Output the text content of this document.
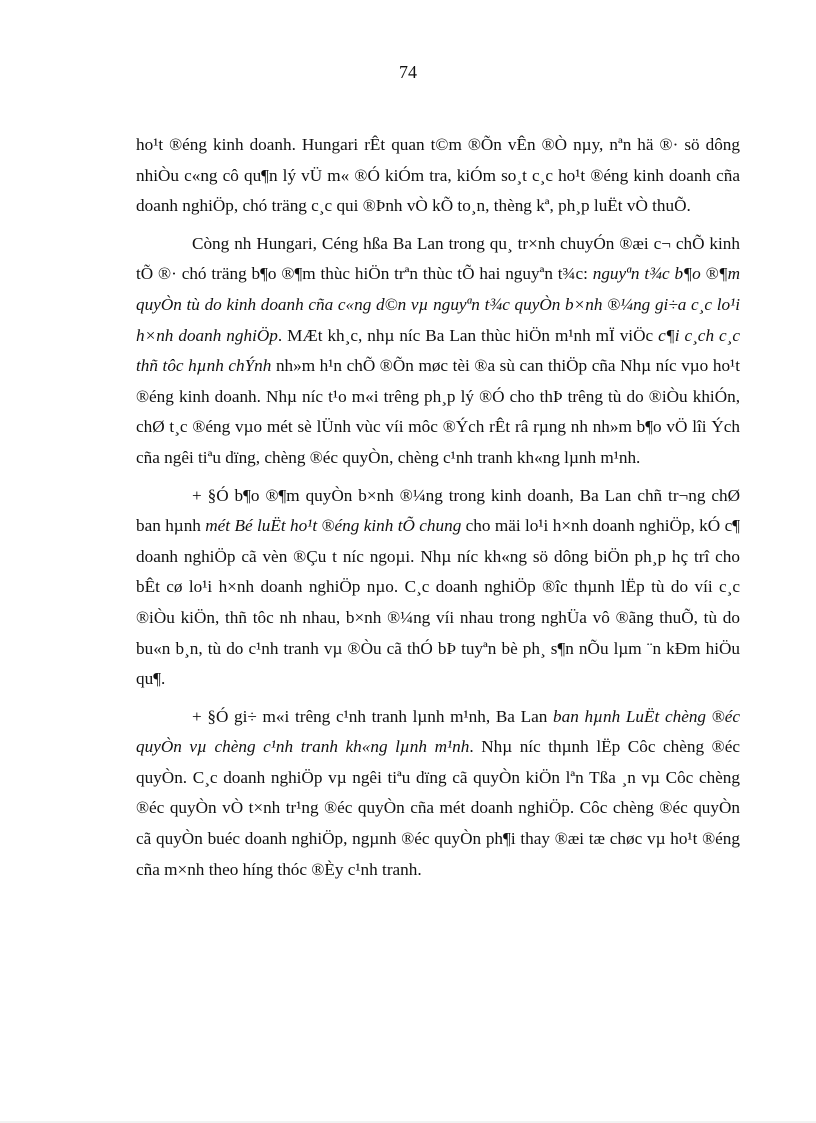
74

ho¹t ®éng kinh doanh. Hungari rÊt quan t©m ®Õn vÊn ®Ò nµy, nªn hä ®· sö dông nhiÒu c«ng cô qu¶n lý vÜ m« ®Ó kiÓm tra, kiÓm so¸t c¸c ho¹t ®éng kinh doanh cña doanh nghiÖp, chó träng c¸c qui ®Þnh vÒ kÕ to¸n, thèng kª, ph¸p luËt vÒ thuÕ.

Còng nh Hungari, Céng hßa Ba Lan trong qu¸ tr×nh chuyÓn ®æi c¬ chÕ kinh tÕ ®· chó träng b¶o ®¶m thùc hiÖn trªn thùc tÕ hai nguyªn t¾c: nguyªn t¾c b¶o ®¶m quyÒn tù do kinh doanh cña c«ng d©n vµ nguyªn t¾c quyÒn b×nh ®¼ng gi÷a c¸c lo¹i h×nh doanh nghiÖp. MÆt kh¸c, nhµ níc Ba Lan thùc hiÖn m¹nh mÏ viÖc c¶i c¸ch c¸c thñ tôc hµnh chÝnh nh»m h¹n chÕ ®Õn møc tèi ®a sù can thiÖp cña Nhµ níc vµo ho¹t ®éng kinh doanh. Nhµ níc t¹o m«i trêng ph¸p lý ®Ó cho thÞ trêng tù do ®iÒu khiÓn, chØ t¸c ®éng vµo mét sè lÜnh vùc víi môc ®Ých rÊt râ rµng nh nh»m b¶o vÖ lîi Ých cña ngêi tiªu dïng, chèng ®éc quyÒn, chèng c¹nh tranh kh«ng lµnh m¹nh.

+ §Ó b¶o ®¶m quyÒn b×nh ®¼ng trong kinh doanh, Ba Lan chñ tr¬ng chØ ban hµnh mét Bé luËt ho¹t ®éng kinh tÕ chung cho mäi lo¹i h×nh doanh nghiÖp, kÓ c¶ doanh nghiÖp cã vèn ®Çu t níc ngoµi. Nhµ níc kh«ng sö dông biÖn ph¸p hç trî cho bÊt cø lo¹i h×nh doanh nghiÖp nµo. C¸c doanh nghiÖp ®îc thµnh lËp tù do víi c¸c ®iÒu kiÖn, thñ tôc nh nhau, b×nh ®¼ng víi nhau trong nghÜa vô ®ãng thuÕ, tù do bu«n b¸n, tù do c¹nh tranh vµ ®Òu cã thÓ bÞ tuyªn bè ph¸ s¶n nÕu lµm ¨n kÐm hiÖu qu¶.

+ §Ó gi÷ m«i trêng c¹nh tranh lµnh m¹nh, Ba Lan ban hµnh LuËt chèng ®éc quyÒn vµ chèng c¹nh tranh kh«ng lµnh m¹nh. Nhµ níc thµnh lËp Côc chèng ®éc quyÒn. C¸c doanh nghiÖp vµ ngêi tiªu dïng cã quyÒn kiÖn lªn Tßa ¸n vµ Côc chèng ®éc quyÒn vÒ t×nh tr¹ng ®éc quyÒn cña mét doanh nghiÖp. Côc chèng ®éc quyÒn cã quyÒn buéc doanh nghiÖp, ngµnh ®éc quyÒn ph¶i thay ®æi tæ chøc vµ ho¹t ®éng cña m×nh theo híng thóc ®Èy c¹nh tranh.
